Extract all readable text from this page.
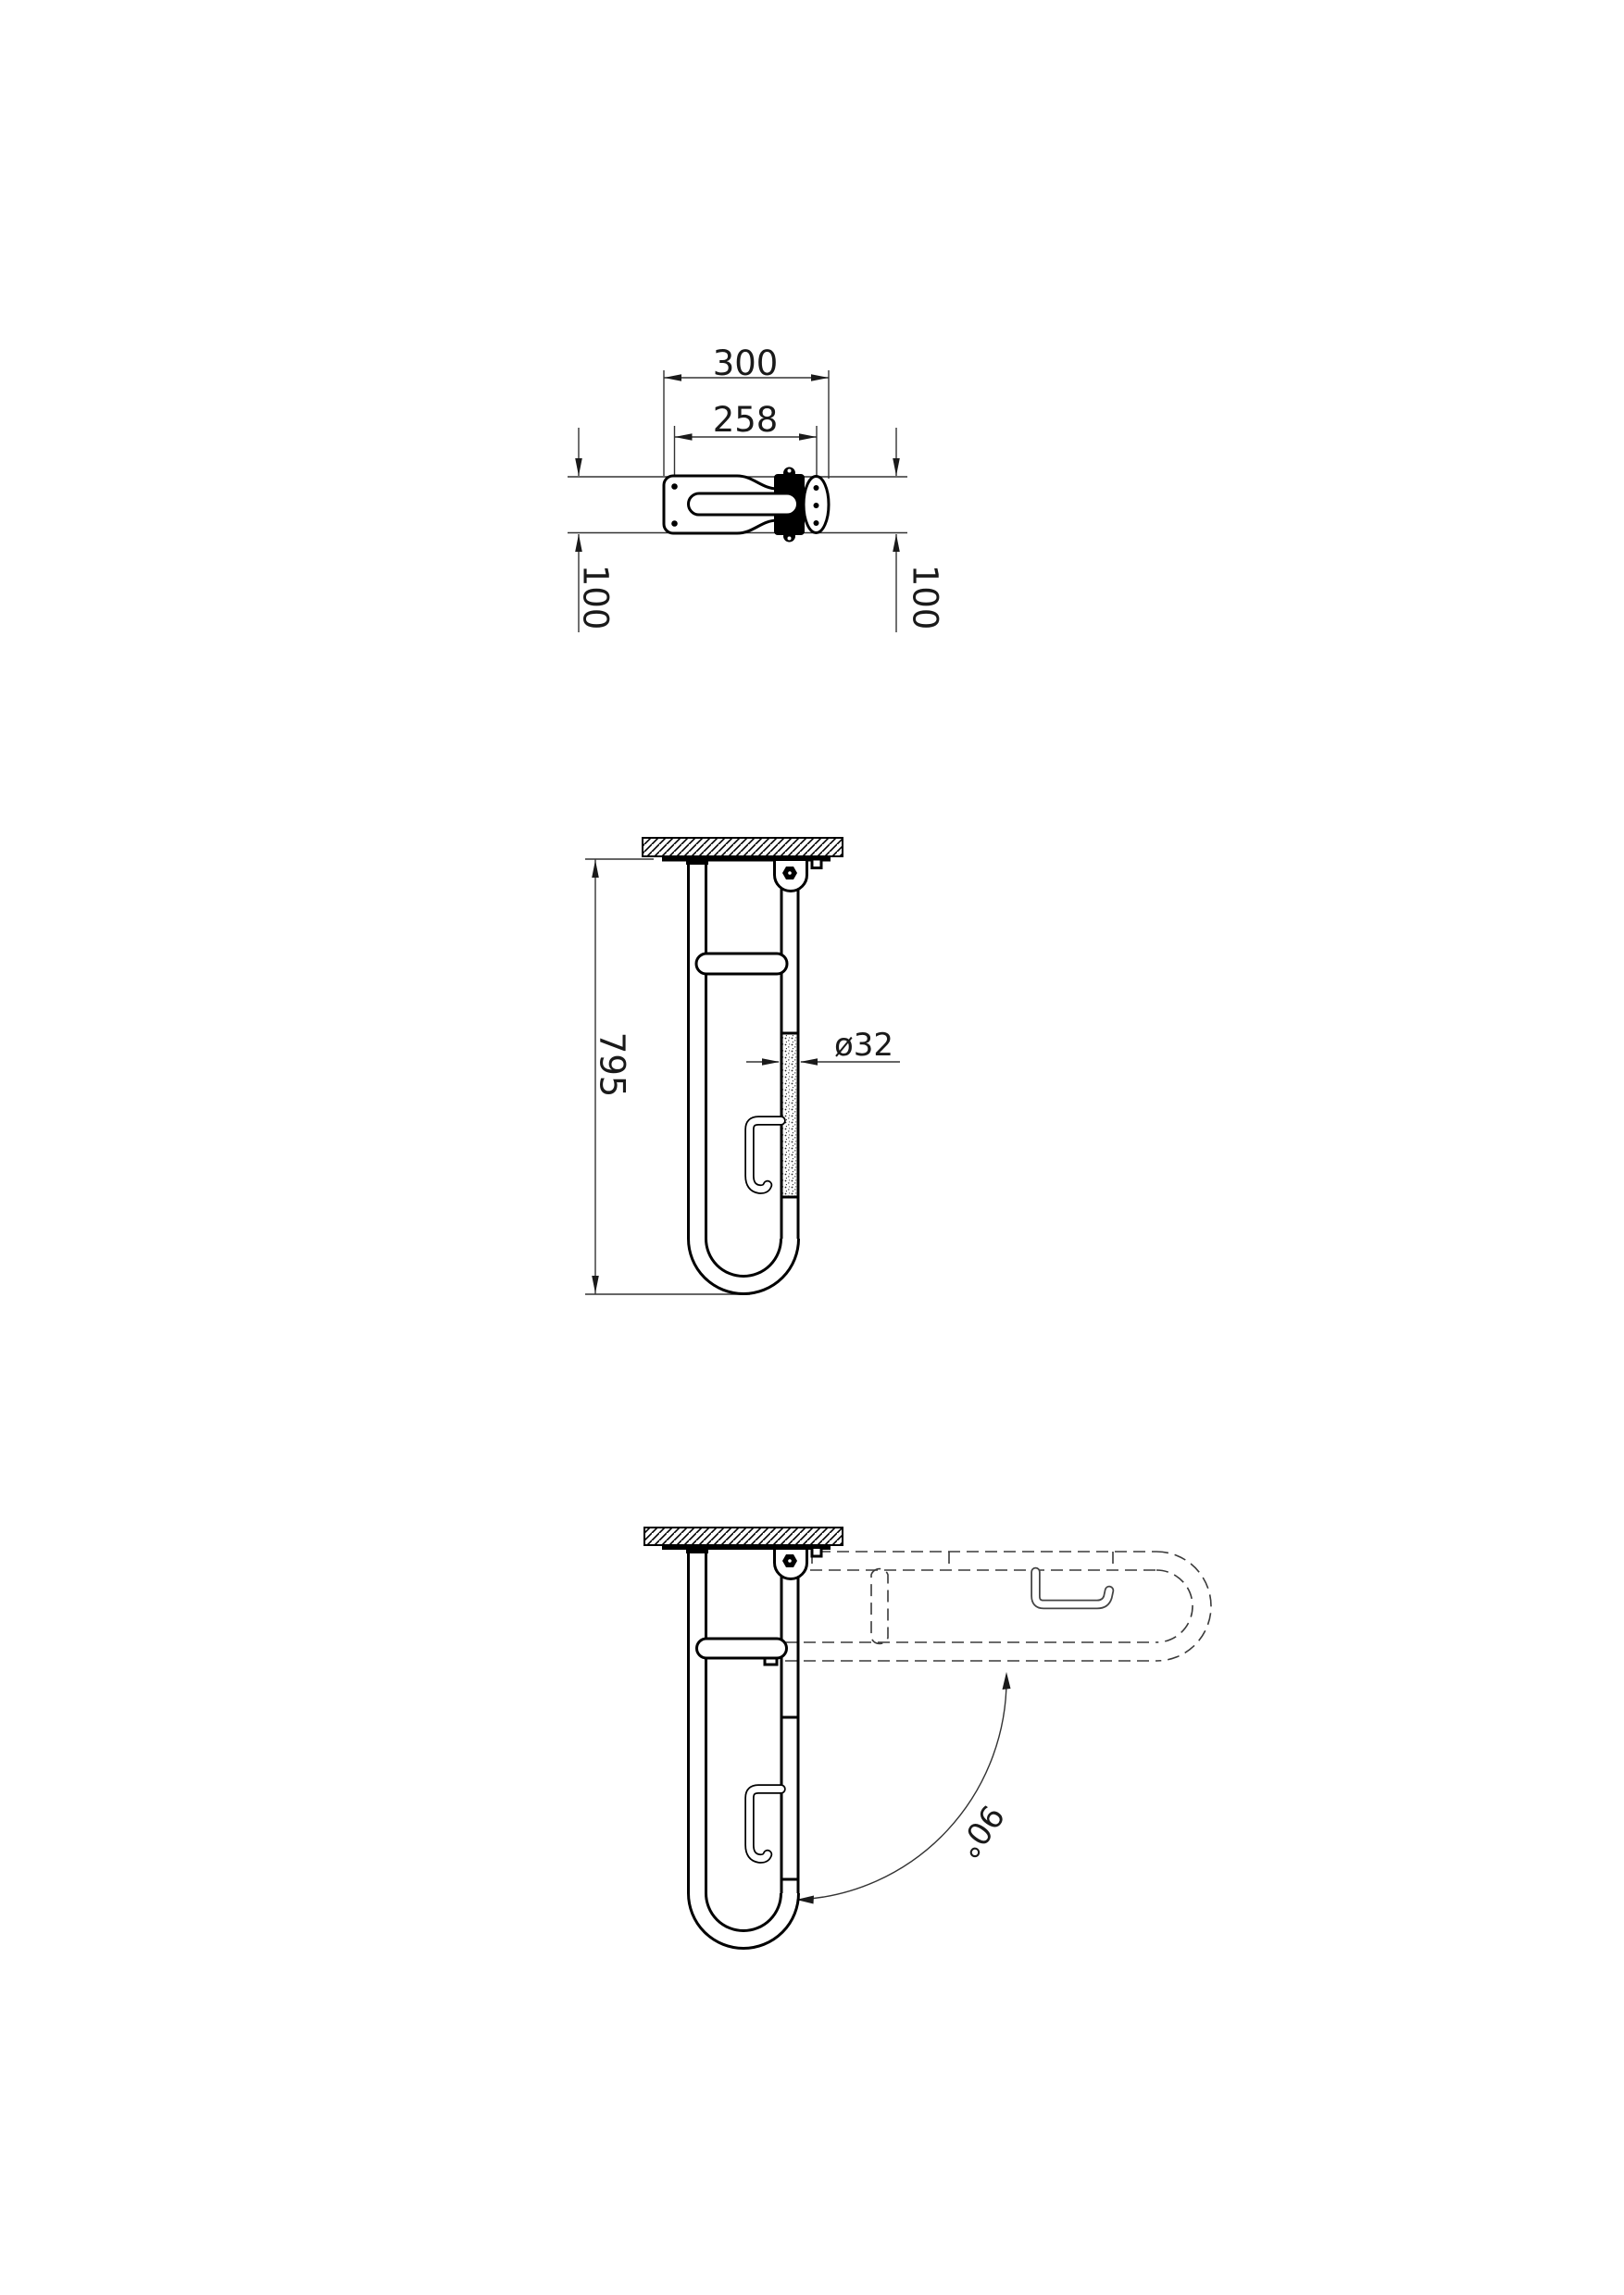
300
258
100	100
795	ø32
90°
